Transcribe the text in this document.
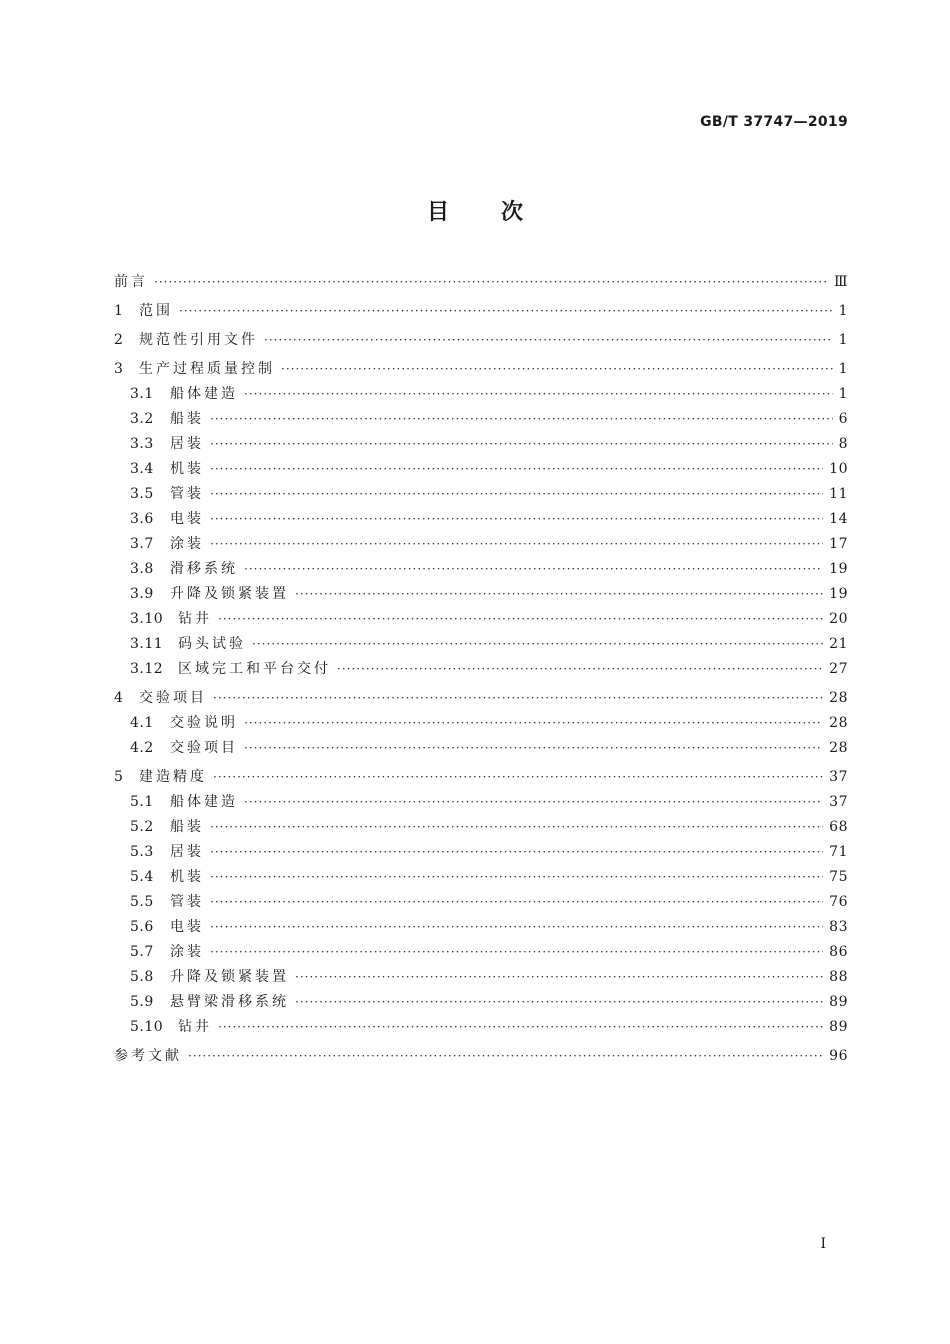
GB/T 37747—2019
目 次
前言 ·····	Ⅲ
1	范围 ·····	1
2	规范性引用文件 ·····	1
3	生产过程质量控制 ·····	1
3.1	船体建造 ·····	1
3.2	船装 ·····	6
3.3	居装 ·····	8
3.4	机装 ·····	10
3.5	管装 ·····	11
3.6	电装 ·····	14
3.7	涂装 ·····	17
3.8	滑移系统 ·····	19
3.9	升降及锁紧装置 ·····	19
3.10	钻井 ·····	20
3.11	码头试验 ·····	21
3.12	区域完工和平台交付 ·····	27
4	交验项目 ·····	28
4.1	交验说明 ·····	28
4.2	交验项目 ·····	28
5	建造精度 ·····	37
5.1	船体建造 ·····	37
5.2	船装 ·····	68
5.3	居装 ·····	71
5.4	机装 ·····	75
5.5	管装 ·····	76
5.6	电装 ·····	83
5.7	涂装 ·····	86
5.8	升降及锁紧装置 ·····	88
5.9	悬臂梁滑移系统 ·····	89
5.10	钻井 ·····	89
参考文献 ·····	96
Ⅰ
